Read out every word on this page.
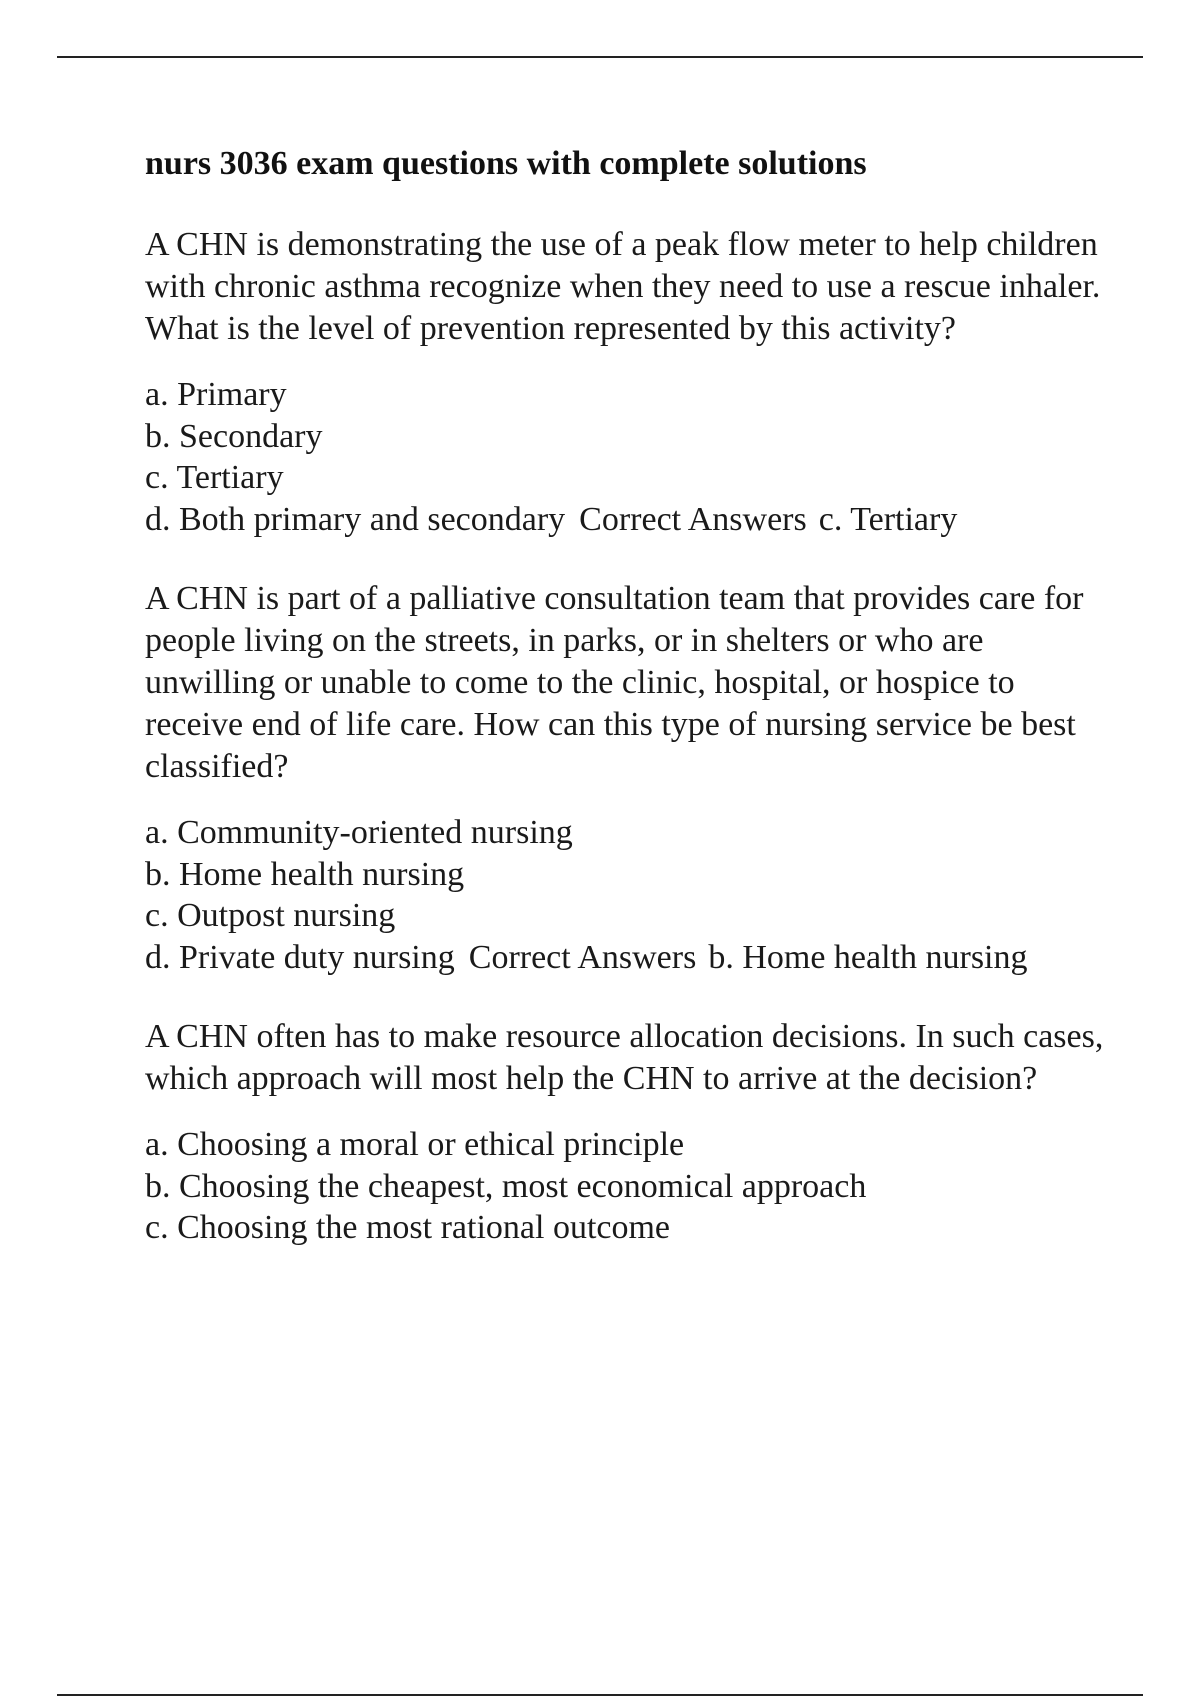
nurs 3036 exam questions with complete solutions

A CHN is demonstrating the use of a peak flow meter to help children with chronic asthma recognize when they need to use a rescue inhaler. What is the level of prevention represented by this activity?

a. Primary
b. Secondary
c. Tertiary
d. Both primary and secondary Correct Answers c. Tertiary

A CHN is part of a palliative consultation team that provides care for people living on the streets, in parks, or in shelters or who are unwilling or unable to come to the clinic, hospital, or hospice to receive end of life care. How can this type of nursing service be best classified?

a. Community-oriented nursing
b. Home health nursing
c. Outpost nursing
d. Private duty nursing Correct Answers b. Home health nursing

A CHN often has to make resource allocation decisions. In such cases, which approach will most help the CHN to arrive at the decision?

a. Choosing a moral or ethical principle
b. Choosing the cheapest, most economical approach
c. Choosing the most rational outcome
